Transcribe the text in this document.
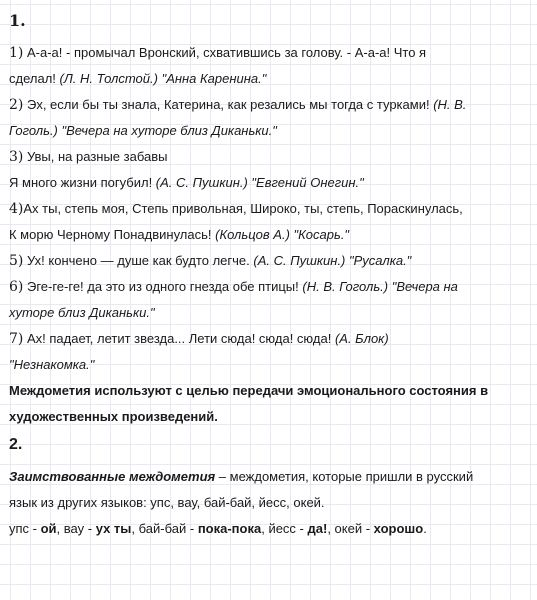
1.
1) А-а-а! - промычал Вронский, схватившись за голову. - А-а-а! Что я
сделал! (Л. Н. Толстой.) "Анна Каренина."
2) Эх, если бы ты знала, Катерина, как резались мы тогда с турками! (Н. В.
Гоголь.) "Вечера на хуторе близ Диканьки."
3) Увы, на разные забавы
Я много жизни погубил! (А. С. Пушкин.) "Евгений Онегин."
4)Ах ты, степь моя, Степь привольная, Широко, ты, степь, Пораскинулась,
К морю Черному Понадвинулась! (Кольцов А.) "Косарь."
5) Ух! кончено — душе как будто легче. (А. С. Пушкин.) "Русалка."
6) Эге-ге-ге! да это из одного гнезда обе птицы! (Н. В. Гоголь.) "Вечера на
хуторе близ Диканьки."
7) Ах! падает, летит звезда... Лети сюда! сюда! сюда! (А. Блок)
"Незнакомка."
Междометия используют с целью передачи эмоционального состояния в
художественных произведений.
2.
Заимствованные междометия – междометия, которые пришли в русский
язык из других языков: упс, вау, бай-бай, йесс, окей.
упс - ой, вау - ух ты, бай-бай - пока-пока, йесс - да!, окей - хорошо.
